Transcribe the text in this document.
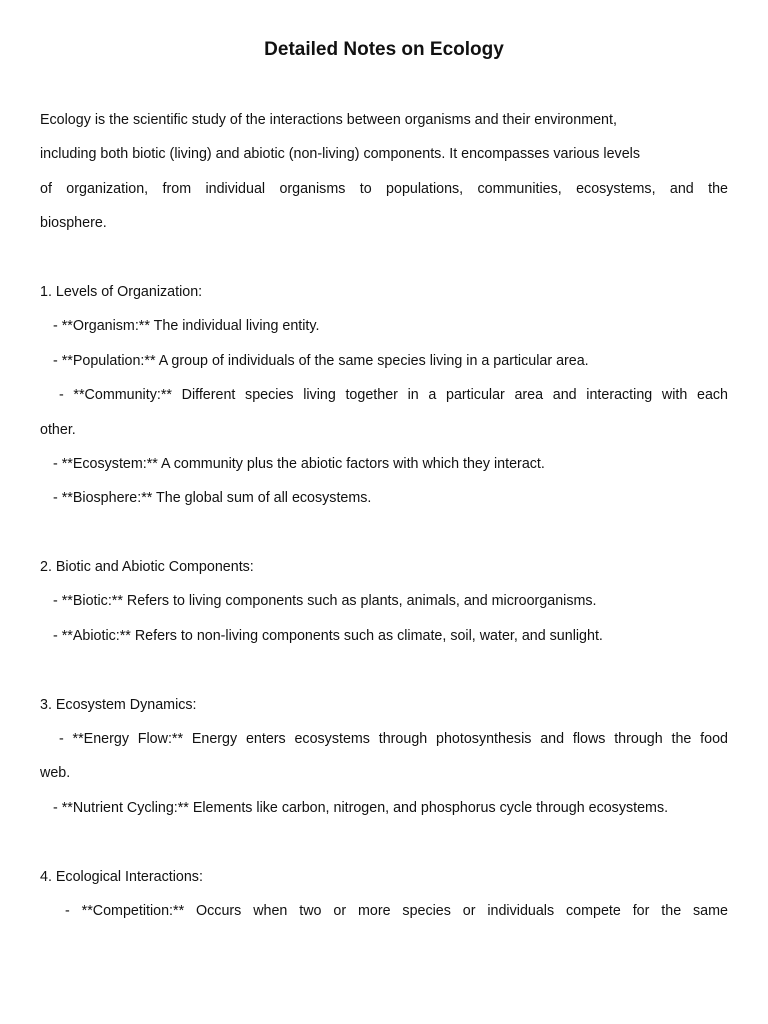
Detailed Notes on Ecology
Ecology is the scientific study of the interactions between organisms and their environment,
including both biotic (living) and abiotic (non-living) components. It encompasses various levels
of organization, from individual organisms to populations, communities, ecosystems, and the
biosphere.
1. Levels of Organization:
- **Organism:** The individual living entity.
- **Population:** A group of individuals of the same species living in a particular area.
- **Community:** Different species living together in a particular area and interacting with each
other.
- **Ecosystem:** A community plus the abiotic factors with which they interact.
- **Biosphere:** The global sum of all ecosystems.
2. Biotic and Abiotic Components:
- **Biotic:** Refers to living components such as plants, animals, and microorganisms.
- **Abiotic:** Refers to non-living components such as climate, soil, water, and sunlight.
3. Ecosystem Dynamics:
- **Energy Flow:** Energy enters ecosystems through photosynthesis and flows through the food
web.
- **Nutrient Cycling:** Elements like carbon, nitrogen, and phosphorus cycle through ecosystems.
4. Ecological Interactions:
- **Competition:** Occurs when two or more species or individuals compete for the same
